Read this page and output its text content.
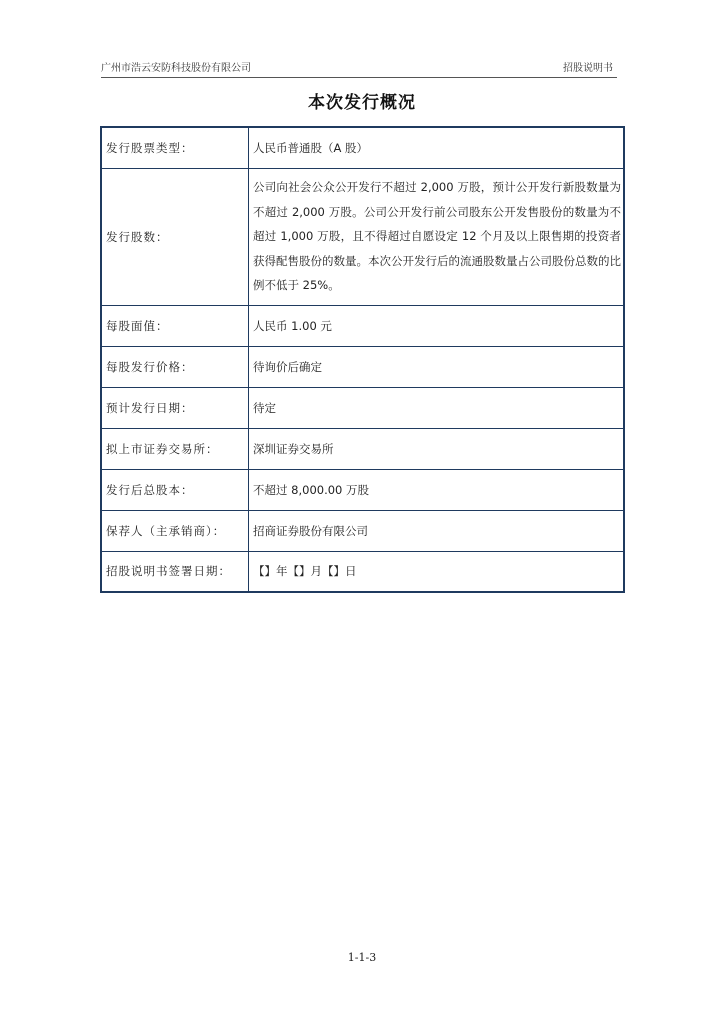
广州市浩云安防科技股份有限公司	招股说明书
本次发行概况
发行股票类型：	人民币普通股（A 股）
发行股数：	公司向社会公众公开发行不超过 2,000 万股，预计公开发行新股数量为不超过 2,000 万股。公司公开发行前公司股东公开发售股份的数量为不超过 1,000 万股，且不得超过自愿设定 12 个月及以上限售期的投资者获得配售股份的数量。本次公开发行后的流通股数量占公司股份总数的比例不低于 25%。
每股面值：	人民币 1.00 元
每股发行价格：	待询价后确定
预计发行日期：	待定
拟上市证券交易所：	深圳证券交易所
发行后总股本：	不超过 8,000.00 万股
保荐人（主承销商）：	招商证券股份有限公司
招股说明书签署日期：	【】年【】月【】日
1-1-3
